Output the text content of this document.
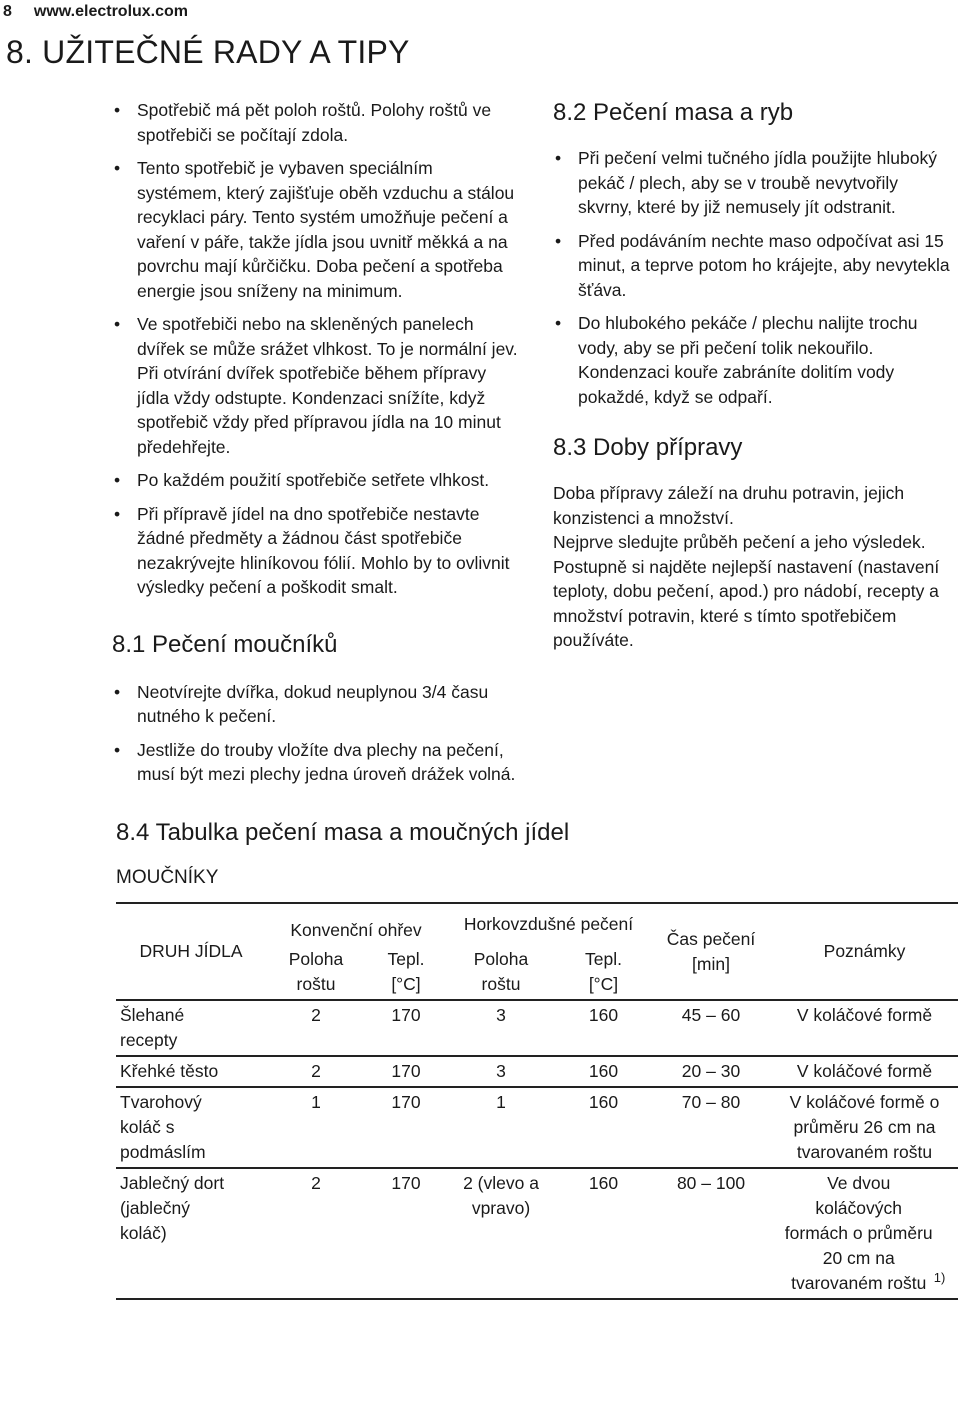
8 www.electrolux.com
8. UŽITEČNÉ RADY A TIPY
• Spotřebič má pět poloh roštů. Polohy roštů ve spotřebiči se počítají zdola.
• Tento spotřebič je vybaven speciálním systémem, který zajišťuje oběh vzduchu a stálou recyklaci páry. Tento systém umožňuje pečení a vaření v páře, takže jídla jsou uvnitř měkká a na povrchu mají kůrčičku. Doba pečení a spotřeba energie jsou sníženy na minimum.
• Ve spotřebiči nebo na skleněných panelech dvířek se může srážet vlhkost. To je normální jev. Při otvírání dvířek spotřebiče během přípravy jídla vždy odstupte. Kondenzaci snížíte, když spotřebič vždy před přípravou jídla na 10 minut předehřejte.
• Po každém použití spotřebiče setřete vlhkost.
• Při přípravě jídel na dno spotřebiče nestavte žádné předměty a žádnou část spotřebiče nezakrývejte hliníkovou fólií. Mohlo by to ovlivnit výsledky pečení a poškodit smalt.
8.1 Pečení moučníků
• Neotvírejte dvířka, dokud neuplynou 3/4 času nutného k pečení.
• Jestliže do trouby vložíte dva plechy na pečení, musí být mezi plechy jedna úroveň drážek volná.
8.2 Pečení masa a ryb
• Při pečení velmi tučného jídla použijte hluboký pekáč / plech, aby se v troubě nevytvořily skvrny, které by již nemusely jít odstranit.
• Před podáváním nechte maso odpočívat asi 15 minut, a teprve potom ho krájejte, aby nevytekla šťáva.
• Do hlubokého pekáče / plechu nalijte trochu vody, aby se při pečení tolik nekouřilo. Kondenzaci kouře zabráníte dolitím vody pokaždé, když se odpaří.
8.3 Doby přípravy

Doba přípravy záleží na druhu potravin, jejich konzistenci a množství.

Nejprve sledujte průběh pečení a jeho výsledek. Postupně si najděte nejlepší nastavení (nastavení teploty, dobu pečení, apod.) pro nádobí, recepty a množství potravin, které s tímto spotřebičem používáte.

8.4 Tabulka pečení masa a moučných jídel
MOUČNÍKY
DRUH JÍDLA	Konvenční ohřev		Horkovzdušné pečení		Čas pečení [min]	Poznámky
	Poloha roštu	Tepl. [°C]	Poloha roštu	Tepl. [°C]		
Šlehané recepty	2	170	3	160	45 – 60	V koláčové formě
Křehké těsto	2	170	3	160	20 – 30	V koláčové formě
Tvarohový koláč s podmáslím	1	170	1	160	70 – 80	V koláčové formě o průměru 26 cm na tvarovaném roštu
Jablečný dort (jablečný koláč)	2	170	2 (vlevo a vpravo)	160	80 – 100	Ve dvou koláčových formách o průměru 20 cm na tvarovaném roštu $^{1)}$
